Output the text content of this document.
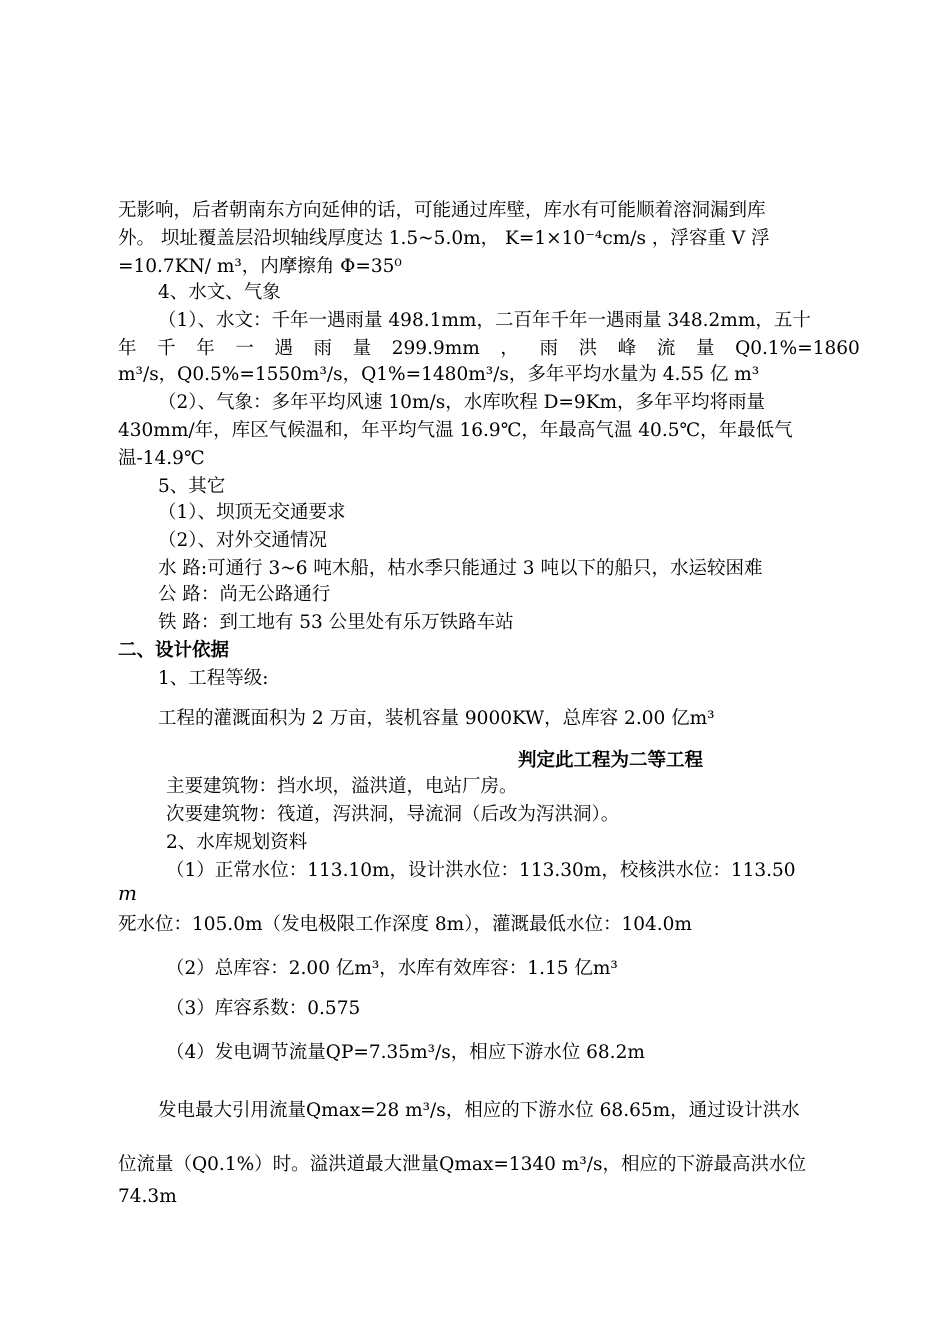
无影响，后者朝南东方向延伸的话，可能通过库壁，库水有可能顺着溶洞漏到库
外。 坝址覆盖层沿坝轴线厚度达 1.5~5.0m， K=1×10⁻⁴cm/s ，浮容重 V 浮
=10.7KN/ m³，内摩擦角 Φ=35⁰
4、水文、气象
（1）、水文：千年一遇雨量 498.1mm，二百年千年一遇雨量 348.2mm，五十
年 千 年 一 遇 雨 量 299.9mm ， 雨 洪 峰 流 量 Q0.1%=1860
m³/s，Q0.5%=1550m³/s，Q1%=1480m³/s，多年平均水量为 4.55 亿 m³
（2）、气象：多年平均风速 10m/s，水库吹程 D=9Km，多年平均将雨量
430mm/年，库区气候温和，年平均气温 16.9℃，年最高气温 40.5℃，年最低气
温-14.9℃
5、其它
（1）、坝顶无交通要求
（2）、对外交通情况
水 路:可通行 3~6 吨木船，枯水季只能通过 3 吨以下的船只，水运较困难
公 路：尚无公路通行
铁 路：到工地有 53 公里处有乐万铁路车站
二、设计依据
1、工程等级:
工程的灌溉面积为 2 万亩，装机容量 9000KW，总库容 2.00 亿m³
判定此工程为二等工程
主要建筑物：挡水坝，溢洪道，电站厂房。
次要建筑物：筏道，泻洪洞，导流洞（后改为泻洪洞）。
2、水库规划资料
（1）正常水位：113.10m，设计洪水位：113.30m，校核洪水位：113.50
m
死水位：105.0m（发电极限工作深度 8m），灌溉最低水位：104.0m
（2）总库容：2.00 亿m³，水库有效库容：1.15 亿m³
（3）库容系数：0.575
（4）发电调节流量QP=7.35m³/s，相应下游水位 68.2m
发电最大引用流量Qmax=28 m³/s，相应的下游水位 68.65m，通过设计洪水
位流量（Q0.1%）时。溢洪道最大泄量Qmax=1340 m³/s，相应的下游最高洪水位
74.3m
